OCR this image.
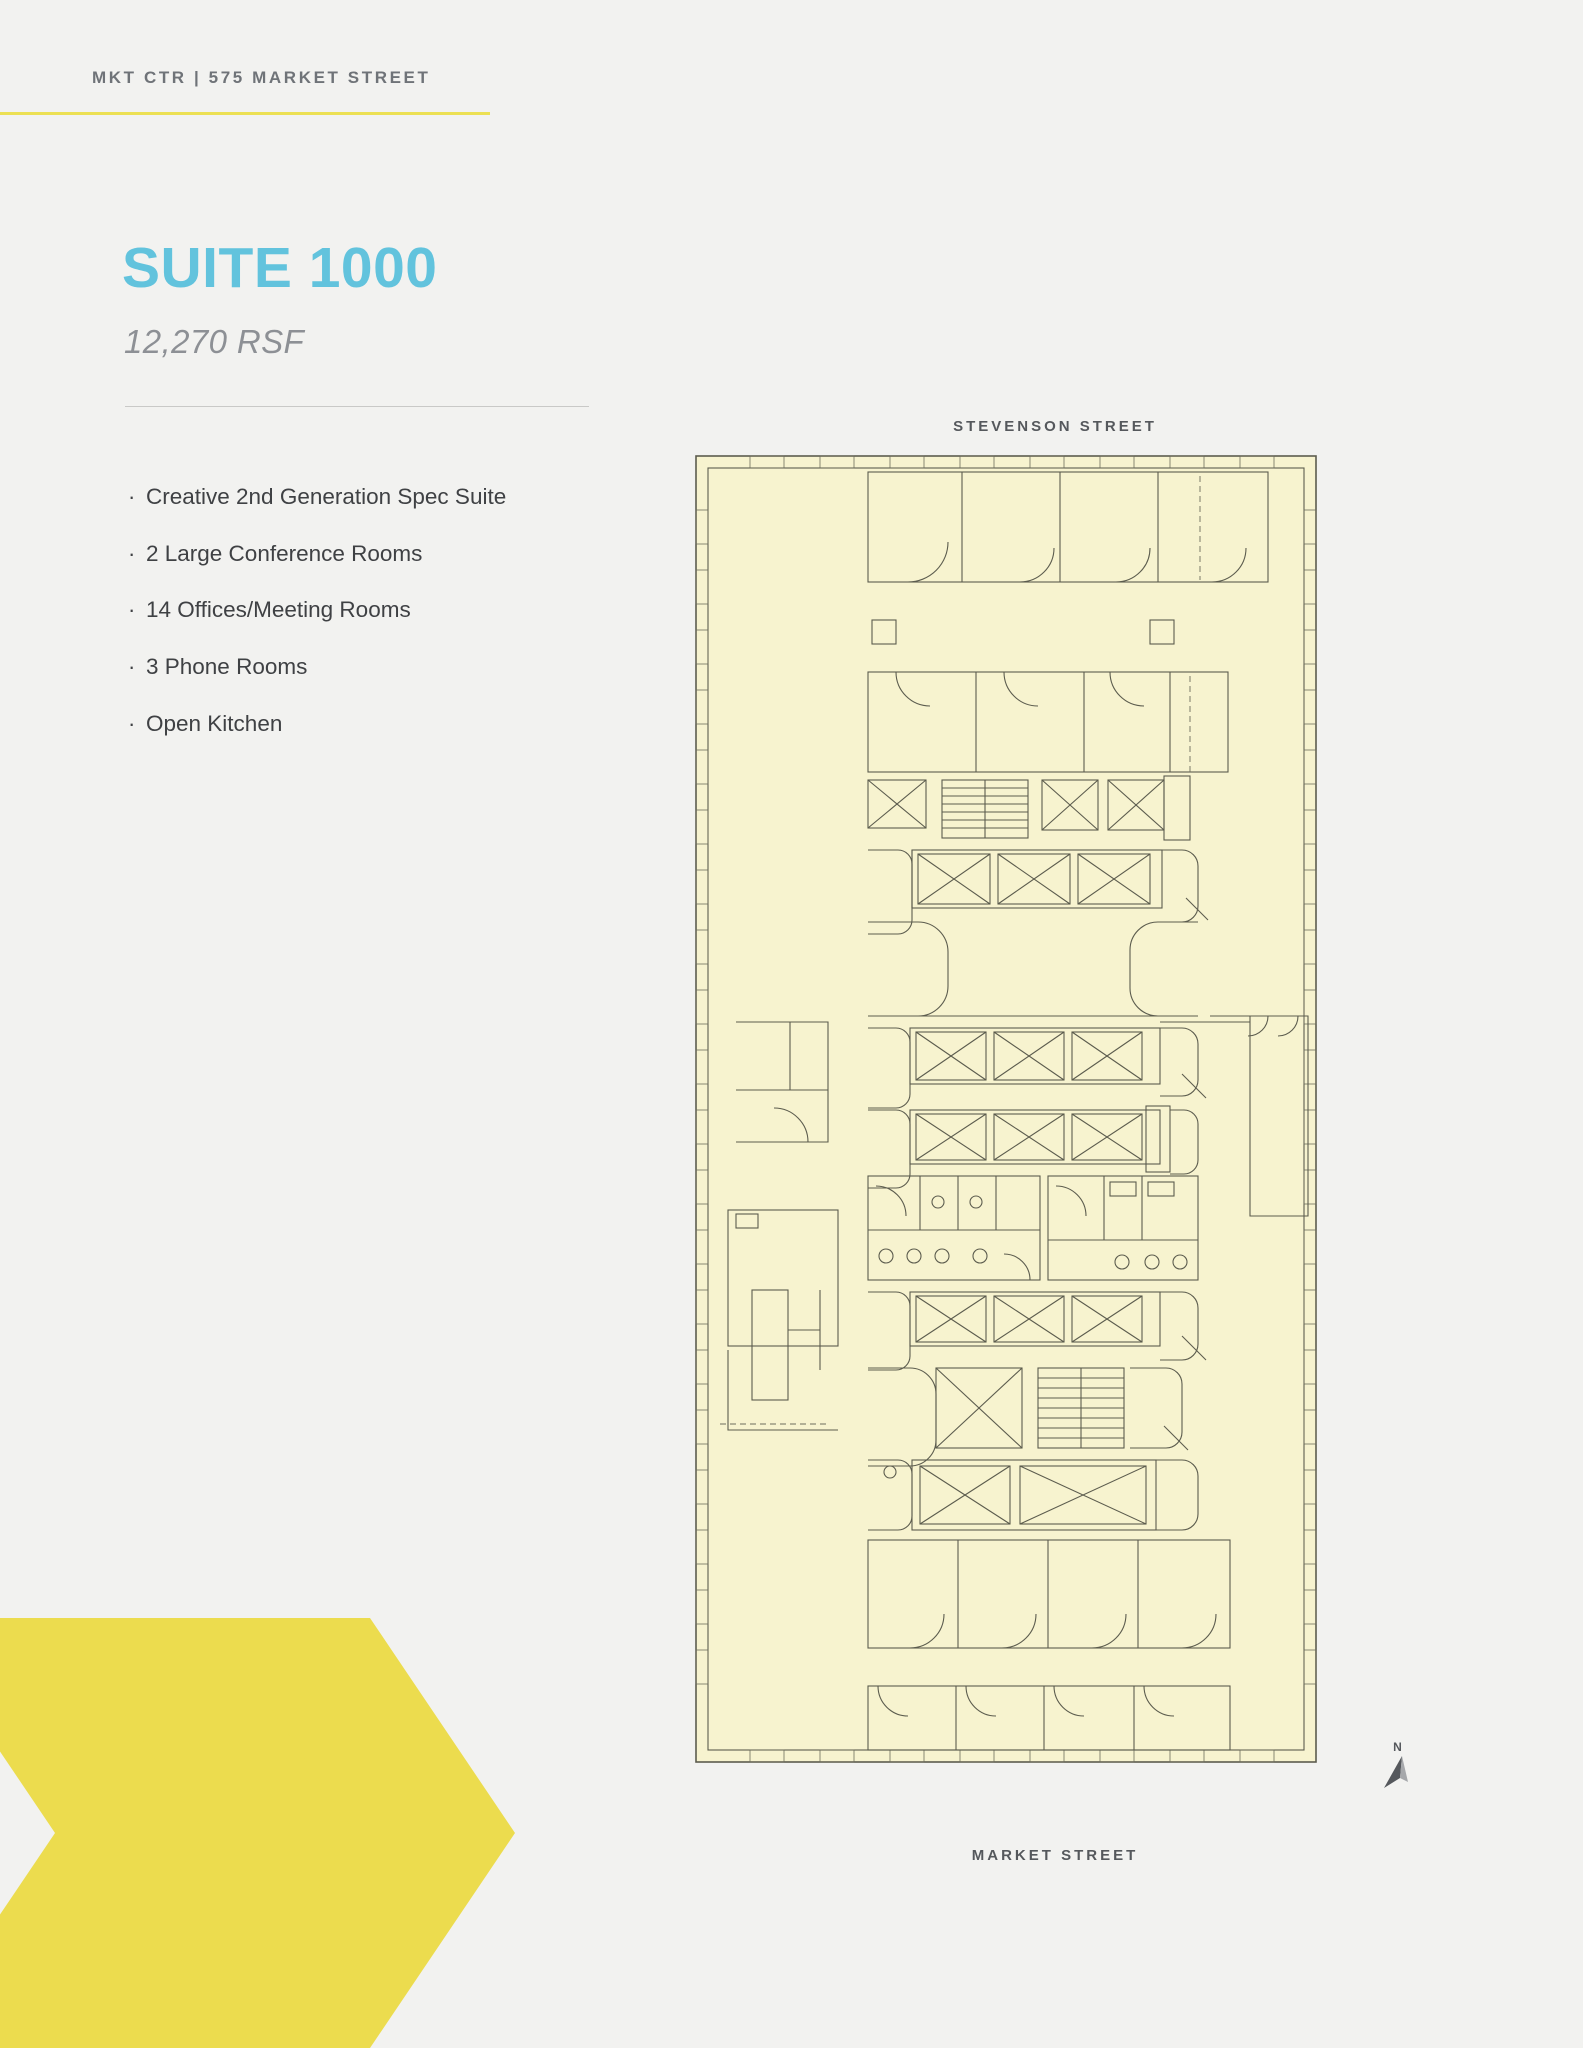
MKT CTR | 575 MARKET STREET
SUITE 1000
12,270 RSF
· Creative 2nd Generation Spec Suite
· 2 Large Conference Rooms
· 14 Offices/Meeting Rooms
· 3 Phone Rooms
· Open Kitchen
STEVENSON STREET
MARKET STREET
N
